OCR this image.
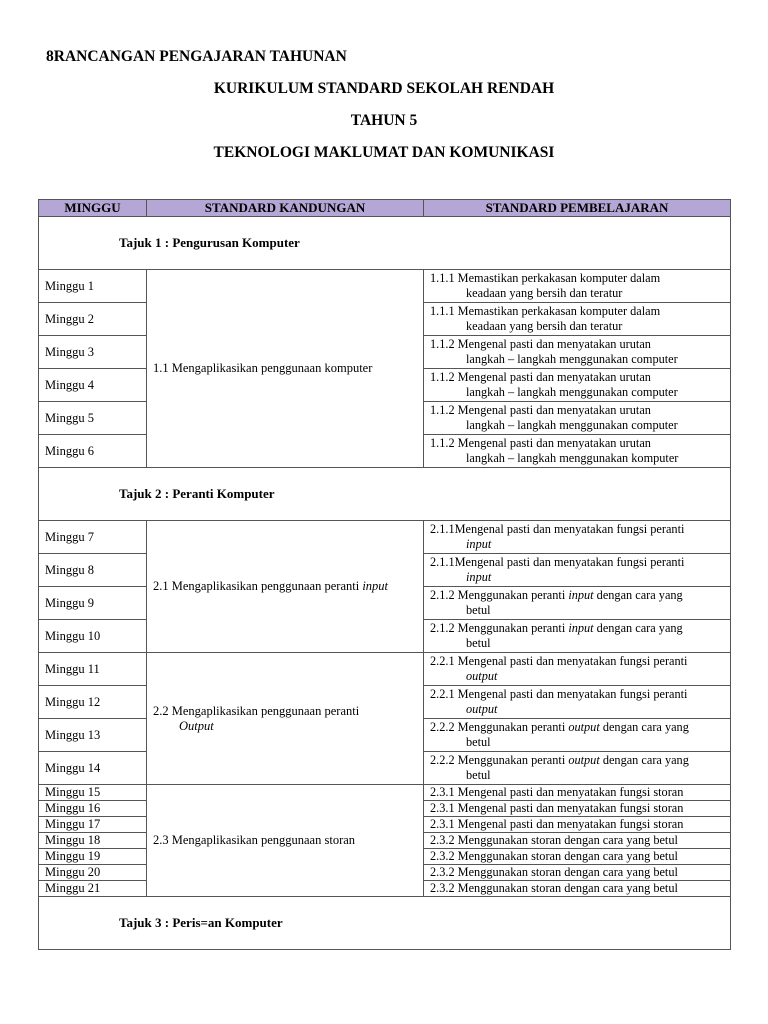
8RANCANGAN PENGAJARAN TAHUNAN
KURIKULUM STANDARD SEKOLAH RENDAH
TAHUN 5
TEKNOLOGI MAKLUMAT DAN KOMUNIKASI
MINGGU	STANDARD KANDUNGAN	STANDARD PEMBELAJARAN
Tajuk 1 : Pengurusan Komputer		
Minggu 1	1.1 Mengaplikasikan penggunaan komputer	1.1.1 Memastikan perkakasan komputer dalam
keadaan yang bersih dan teratur

Minggu 2		1.1.1 Memastikan perkakasan komputer dalam
keadaan yang bersih dan teratur

Minggu 3		1.1.2 Mengenal pasti dan menyatakan urutan
langkah – langkah menggunakan computer

Minggu 4		1.1.2 Mengenal pasti dan menyatakan urutan
langkah – langkah menggunakan computer

Minggu 5		1.1.2 Mengenal pasti dan menyatakan urutan
langkah – langkah menggunakan computer

Minggu 6		1.1.2 Mengenal pasti dan menyatakan urutan
langkah – langkah menggunakan komputer

Tajuk 2 : Peranti Komputer		
Minggu 7	2.1 Mengaplikasikan penggunaan peranti input	2.1.1Mengenal pasti dan menyatakan fungsi peranti
input

Minggu 8		2.1.1Mengenal pasti dan menyatakan fungsi peranti
input

Minggu 9		2.1.2 Menggunakan peranti input dengan cara yang
betul

Minggu 10		2.1.2 Menggunakan peranti input dengan cara yang
betul

Minggu 11	2.2 Mengaplikasikan penggunaan peranti
Output	2.2.1 Mengenal pasti dan menyatakan fungsi peranti
output

Minggu 12		2.2.1 Mengenal pasti dan menyatakan fungsi peranti
output

Minggu 13		2.2.2 Menggunakan peranti output dengan cara yang
betul

Minggu 14		2.2.2 Menggunakan peranti output dengan cara yang
betul

Minggu 15	2.3 Mengaplikasikan penggunaan storan	2.3.1 Mengenal pasti dan menyatakan fungsi storan
Minggu 16		2.3.1 Mengenal pasti dan menyatakan fungsi storan
Minggu 17		2.3.1 Mengenal pasti dan menyatakan fungsi storan
Minggu 18		2.3.2 Menggunakan storan dengan cara yang betul
Minggu 19		2.3.2 Menggunakan storan dengan cara yang betul
Minggu 20		2.3.2 Menggunakan storan dengan cara yang betul
Minggu 21		2.3.2 Menggunakan storan dengan cara yang betul
Tajuk 3 : Peris=an Komputer		
